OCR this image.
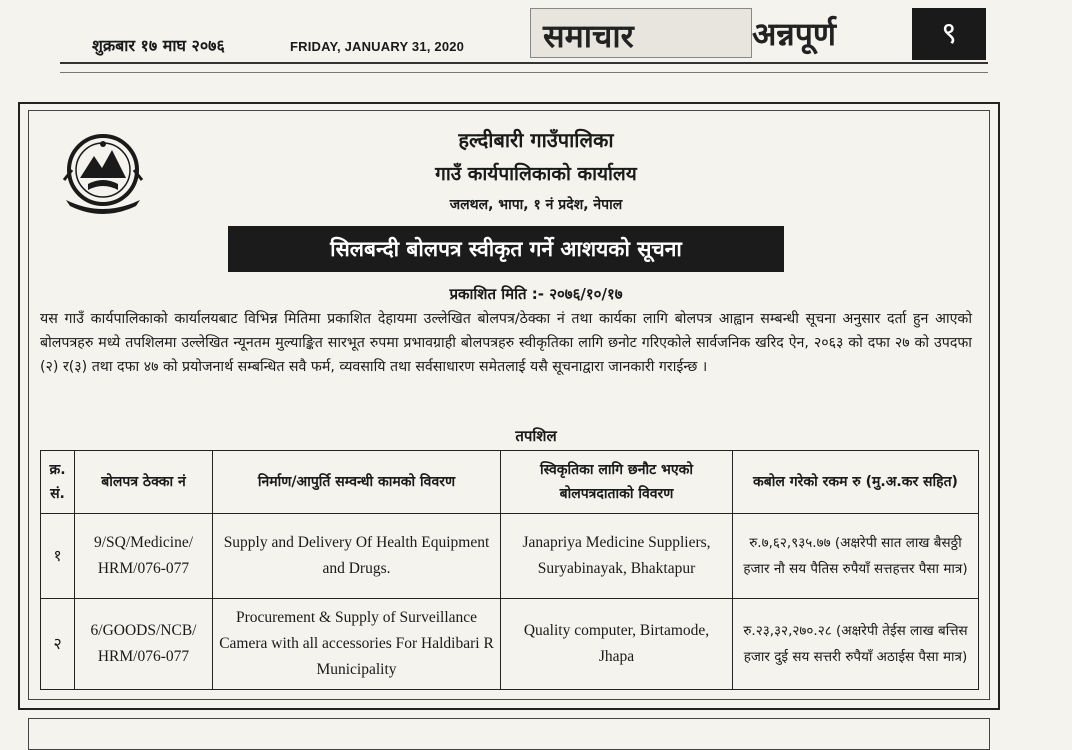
शुक्रबार १७ माघ २०७६	FRIDAY, JANUARY 31, 2020 समाचार	अन्नपूर्ण	९
हल्दीबारी गाउँपालिका
गाउँ कार्यपालिकाको कार्यालय
जलथल, भापा, १ नं प्रदेश, नेपाल
सिलबन्दी बोलपत्र स्वीकृत गर्ने आशयको सूचना
प्रकाशित मिति :- २०७६/१०/१७
यस गाउँ कार्यपालिकाको कार्यालयबाट विभिन्न मितिमा प्रकाशित देहायमा उल्लेखित बोलपत्र/ठेक्का नं तथा कार्यका लागि बोलपत्र आह्वान सम्बन्धी सूचना अनुसार दर्ता हुन आएको बोलपत्रहरु मध्ये तपशिलमा उल्लेखित न्यूनतम मुल्याङ्कित सारभूत रुपमा प्रभावग्राही बोलपत्रहरु स्वीकृतिका लागि छनोट गरिएकोले सार्वजनिक खरिद ऐन, २०६३ को दफा २७ को उपदफा (२) र(३) तथा दफा ४७ को प्रयोजनार्थ सम्बन्धित सवै फर्म, व्यवसायि तथा सर्वसाधारण समेतलाई यसै सूचनाद्वारा जानकारी गराईन्छ ।
तपशिल
क्र. सं.	बोलपत्र ठेक्का नं	निर्माण/आपुर्ति सम्वन्धी कामको विवरण	स्विकृतिका लागि छनौट भएको बोलपत्रदाताको विवरण	कबोल गरेको रकम रु (मु.अ.कर सहित)
१	9/SQ/Medicine/ HRM/076-077	Supply and Delivery Of Health Equipment and Drugs.	Janapriya Medicine Suppliers, Suryabinayak, Bhaktapur	रु.७,६२,९३५.७७ (अक्षरेपी सात लाख बैसठ्ठी हजार नौ सय पैतिस रुपैयाँ सत्तहत्तर पैसा मात्र)
२	6/GOODS/NCB/ HRM/076-077	Procurement & Supply of Surveillance Camera with all accessories For Haldibari R Municipality	Quality computer, Birtamode, Jhapa	रु.२३,३२,२७०.२८ (अक्षरेपी तेईस लाख बत्तिस हजार दुई सय सत्तरी रुपैयाँ अठाईस पैसा मात्र)
